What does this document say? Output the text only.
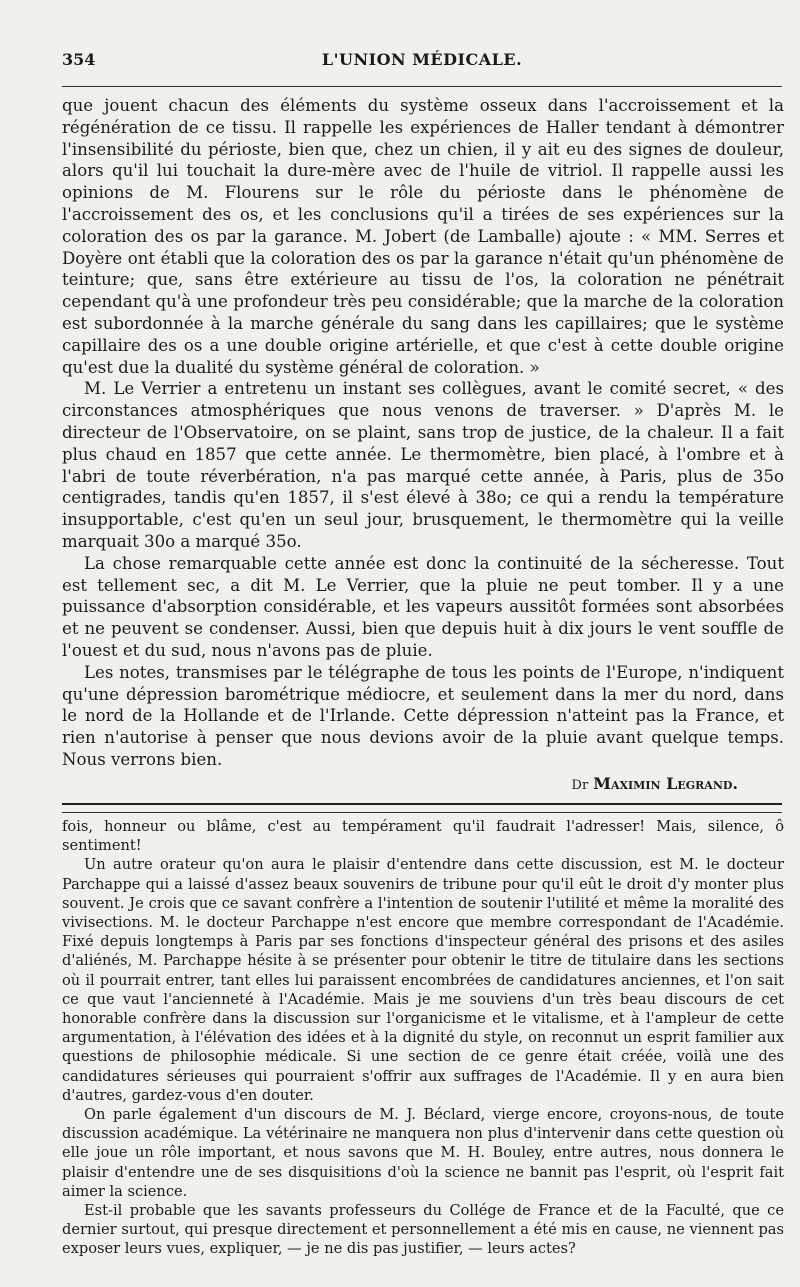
354	L'UNION MÉDICALE.

que jouent chacun des éléments du système osseux dans l'accroissement et la régénération de ce tissu. Il rappelle les expériences de Haller tendant à démontrer l'insensibilité du périoste, bien que, chez un chien, il y ait eu des signes de douleur, alors qu'il lui touchait la dure-mère avec de l'huile de vitriol. Il rappelle aussi les opinions de M. Flourens sur le rôle du périoste dans le phénomène de l'accroissement des os, et les conclusions qu'il a tirées de ses expériences sur la coloration des os par la garance. M. Jobert (de Lamballe) ajoute : « MM. Serres et Doyère ont établi que la coloration des os par la garance n'était qu'un phénomène de teinture; que, sans être extérieure au tissu de l'os, la coloration ne pénétrait cependant qu'à une profondeur très peu considérable; que la marche de la coloration est subordonnée à la marche générale du sang dans les capillaires; que le système capillaire des os a une double origine artérielle, et que c'est à cette double origine qu'est due la dualité du système général de coloration. »

M. Le Verrier a entretenu un instant ses collègues, avant le comité secret, « des circonstances atmosphériques que nous venons de traverser. » D'après M. le directeur de l'Observatoire, on se plaint, sans trop de justice, de la chaleur. Il a fait plus chaud en 1857 que cette année. Le thermomètre, bien placé, à l'ombre et à l'abri de toute réverbération, n'a pas marqué cette année, à Paris, plus de 35o centigrades, tandis qu'en 1857, il s'est élevé à 38o; ce qui a rendu la température insupportable, c'est qu'en un seul jour, brusquement, le thermomètre qui la veille marquait 30o a marqué 35o.

La chose remarquable cette année est donc la continuité de la sécheresse. Tout est tellement sec, a dit M. Le Verrier, que la pluie ne peut tomber. Il y a une puissance d'absorption considérable, et les vapeurs aussitôt formées sont absorbées et ne peuvent se condenser. Aussi, bien que depuis huit à dix jours le vent souffle de l'ouest et du sud, nous n'avons pas de pluie.

Les notes, transmises par le télégraphe de tous les points de l'Europe, n'indiquent qu'une dépression barométrique médiocre, et seulement dans la mer du nord, dans le nord de la Hollande et de l'Irlande. Cette dépression n'atteint pas la France, et rien n'autorise à penser que nous devions avoir de la pluie avant quelque temps. Nous verrons bien.

Dr Maximin Legrand.

fois, honneur ou blâme, c'est au tempérament qu'il faudrait l'adresser! Mais, silence, ô sentiment!

Un autre orateur qu'on aura le plaisir d'entendre dans cette discussion, est M. le docteur Parchappe qui a laissé d'assez beaux souvenirs de tribune pour qu'il eût le droit d'y monter plus souvent. Je crois que ce savant confrère a l'intention de soutenir l'utilité et même la moralité des vivisections. M. le docteur Parchappe n'est encore que membre correspondant de l'Académie. Fixé depuis longtemps à Paris par ses fonctions d'inspecteur général des prisons et des asiles d'aliénés, M. Parchappe hésite à se présenter pour obtenir le titre de titulaire dans les sections où il pourrait entrer, tant elles lui paraissent encombrées de candidatures anciennes, et l'on sait ce que vaut l'ancienneté à l'Académie. Mais je me souviens d'un très beau discours de cet honorable confrère dans la discussion sur l'organicisme et le vitalisme, et à l'ampleur de cette argumentation, à l'élévation des idées et à la dignité du style, on reconnut un esprit familier aux questions de philosophie médicale. Si une section de ce genre était créée, voilà une des candidatures sérieuses qui pourraient s'offrir aux suffrages de l'Académie. Il y en aura bien d'autres, gardez-vous d'en douter.

On parle également d'un discours de M. J. Béclard, vierge encore, croyons-nous, de toute discussion académique. La vétérinaire ne manquera non plus d'intervenir dans cette question où elle joue un rôle important, et nous savons que M. H. Bouley, entre autres, nous donnera le plaisir d'entendre une de ses disquisitions d'où la science ne bannit pas l'esprit, où l'esprit fait aimer la science.

Est-il probable que les savants professeurs du Collége de France et de la Faculté, que ce dernier surtout, qui presque directement et personnellement a été mis en cause, ne viennent pas exposer leurs vues, expliquer, — je ne dis pas justifier, — leurs actes?
